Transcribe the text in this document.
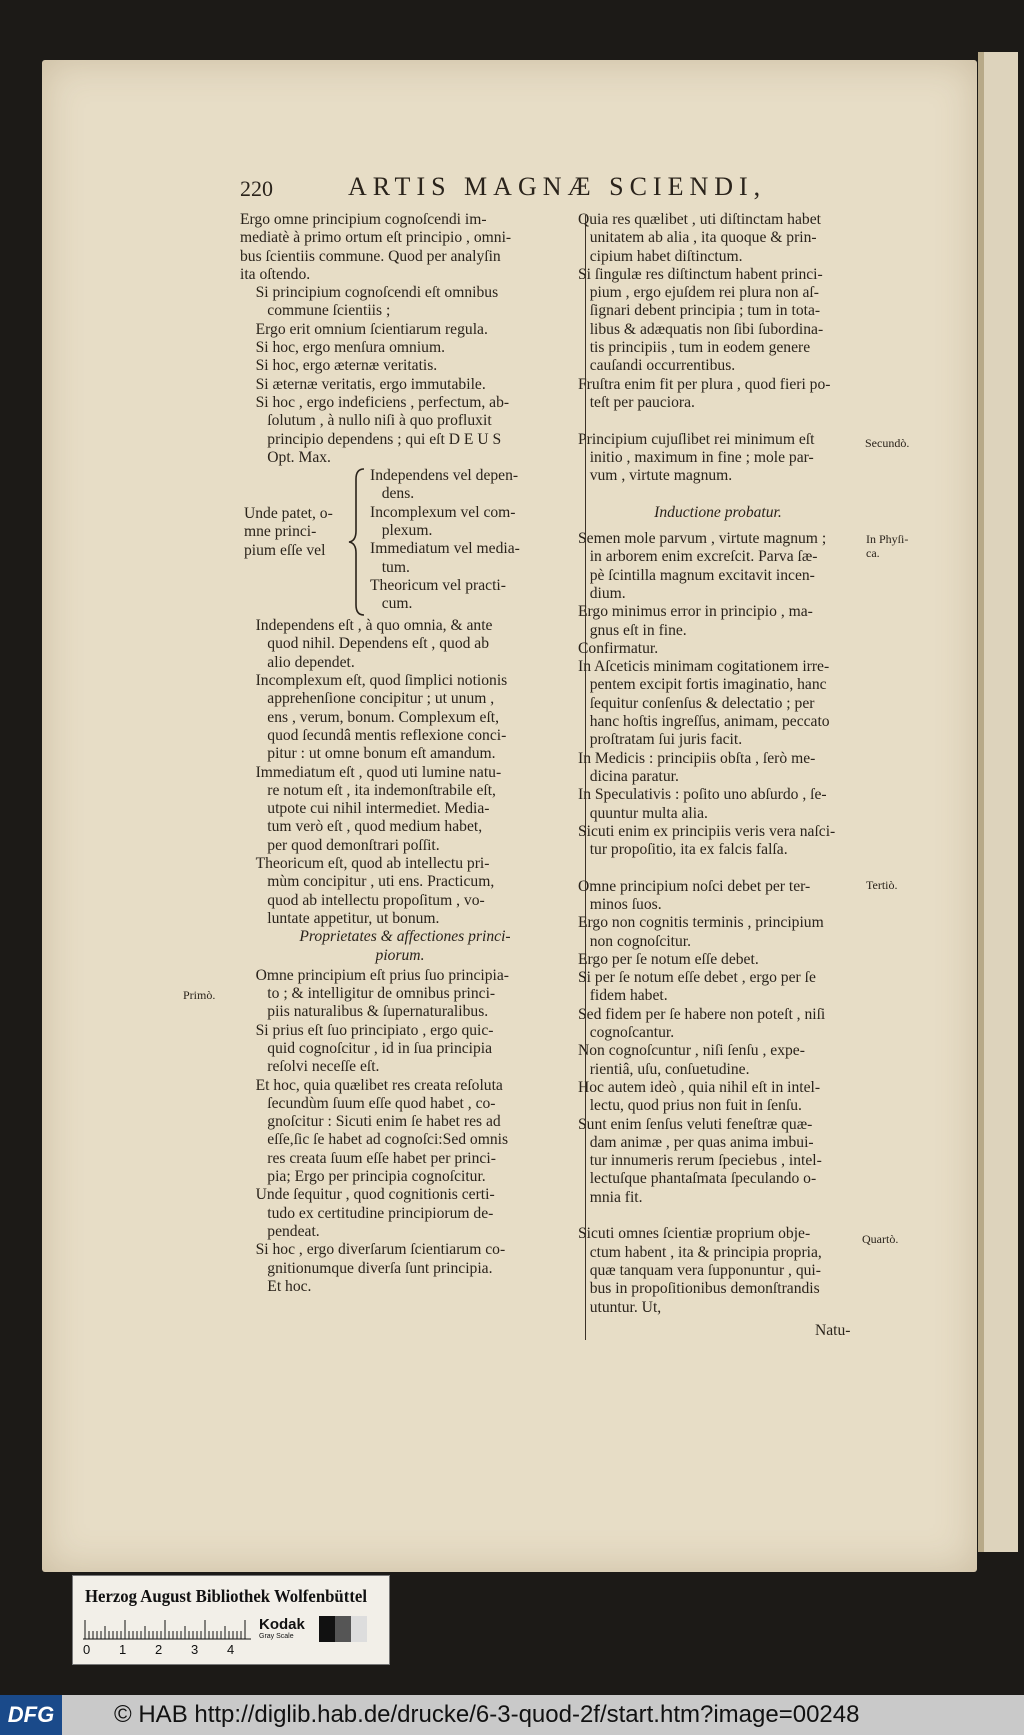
220	ARTIS MAGNÆ SCIENDI,
Ergo omne principium cognoſcendi im-
mediatè à primo ortum eſt principio , omni-
bus ſcientiis commune. Quod per analyſin
ita oſtendo.
Si principium cognoſcendi eſt omnibus
commune ſcientiis ;
Ergo erit omnium ſcientiarum regula.
Si hoc, ergo menſura omnium.
Si hoc, ergo æternæ veritatis.
Si æternæ veritatis, ergo immutabile.
Si hoc , ergo indeficiens , perfectum, ab-
ſolutum , à nullo niſi à quo profluxit
principio dependens ; qui eſt D E U S
Opt. Max.
Unde patet, o-
mne princi-
pium eſſe vel
Independens vel depen-
dens.
Incomplexum vel com-
plexum.
Immediatum vel media-
tum.
Theoricum vel practi-
cum.
Independens eſt , à quo omnia, & ante
quod nihil. Dependens eſt , quod ab
alio dependet.
Incomplexum eſt, quod ſimplici notionis
apprehenſione concipitur ; ut unum ,
ens , verum, bonum. Complexum eſt,
quod ſecundâ mentis reflexione conci-
pitur : ut omne bonum eſt amandum.
Immediatum eſt , quod uti lumine natu-
re notum eſt , ita indemonſtrabile eſt,
utpote cui nihil intermediet. Media-
tum verò eſt , quod medium habet,
per quod demonſtrari poſſit.
Theoricum eſt, quod ab intellectu pri-
mùm concipitur , uti ens. Practicum,
quod ab intellectu propoſitum , vo-
luntate appetitur, ut bonum.
Proprietates & affectiones princi-
piorum.
Omne principium eſt prius ſuo principia-
to ; & intelligitur de omnibus princi-
piis naturalibus & ſupernaturalibus.
Si prius eſt ſuo principiato , ergo quic-
quid cognoſcitur , id in ſua principia
reſolvi neceſſe eſt.
Et hoc, quia quælibet res creata reſoluta
ſecundùm ſuum eſſe quod habet , co-
gnoſcitur : Sicuti enim ſe habet res ad
eſſe,ſic ſe habet ad cognoſci:Sed omnis
res creata ſuum eſſe habet per princi-
pia; Ergo per principia cognoſcitur.
Unde ſequitur , quod cognitionis certi-
tudo ex certitudine principiorum de-
pendeat.
Si hoc , ergo diverſarum ſcientiarum co-
gnitionumque diverſa ſunt principia.
Et hoc.
Quia res quælibet , uti diſtinctam habet
unitatem ab alia , ita quoque & prin-
cipium habet diſtinctum.
Si ſingulæ res diſtinctum habent princi-
pium , ergo ejuſdem rei plura non aſ-
ſignari debent principia ; tum in tota-
libus & adæquatis non ſibi ſubordina-
tis principiis , tum in eodem genere
cauſandi occurrentibus.
Fruſtra enim fit per plura , quod fieri po-
teſt per pauciora.
Principium cujuſlibet rei minimum eſt
initio , maximum in fine ; mole par-
vum , virtute magnum.
Inductione probatur.
Semen mole parvum , virtute magnum ;
in arborem enim excreſcit. Parva ſæ-
pè ſcintilla magnum excitavit incen-
dium.
Ergo minimus error in principio , ma-
gnus eſt in fine.
Confirmatur.
In Aſceticis minimam cogitationem irre-
pentem excipit fortis imaginatio, hanc
ſequitur conſenſus & delectatio ; per
hanc hoſtis ingreſſus, animam, peccato
proſtratam ſui juris facit.
In Medicis : principiis obſta , ſerò me-
dicina paratur.
In Speculativis : poſito uno abſurdo , ſe-
quuntur multa alia.
Sicuti enim ex principiis veris vera naſci-
tur propoſitio, ita ex falcis falſa.
Omne principium noſci debet per ter-
minos ſuos.
Ergo non cognitis terminis , principium
non cognoſcitur.
Ergo per ſe notum eſſe debet.
Si per ſe notum eſſe debet , ergo per ſe
fidem habet.
Sed fidem per ſe habere non poteſt , niſi
cognoſcantur.
Non cognoſcuntur , niſi ſenſu , expe-
rientiâ, uſu, conſuetudine.
Hoc autem ideò , quia nihil eſt in intel-
lectu, quod prius non fuit in ſenſu.
Sunt enim ſenſus veluti feneſtræ quæ-
dam animæ , per quas anima imbui-
tur innumeris rerum ſpeciebus , intel-
lectuſque phantaſmata ſpeculando o-
mnia fit.
Sicuti omnes ſcientiæ proprium obje-
ctum habent , ita & principia propria,
quæ tanquam vera ſupponuntur , qui-
bus in propoſitionibus demonſtrandis
utuntur. Ut,
Natu-
Primò.
Secundò.
In Phyſi-
ca.
Tertiò.
Quartò.
Herzog August Bibliothek Wolfenbüttel
Kodak
Gray Scale
0 1 2 3 4
DFG	© HAB http://diglib.hab.de/drucke/6-3-quod-2f/start.htm?image=00248
